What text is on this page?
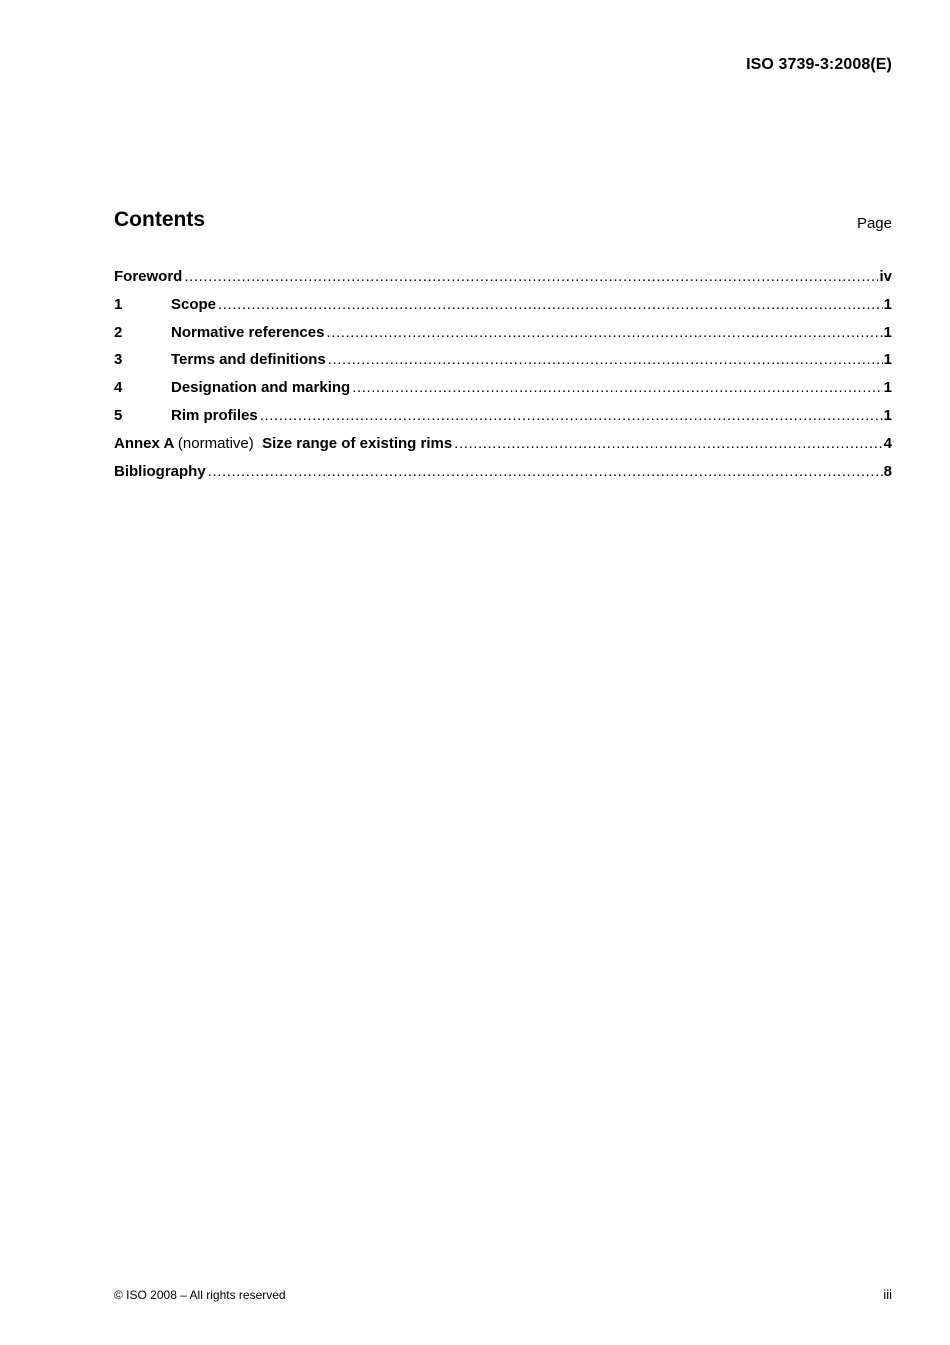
ISO 3739-3:2008(E)
Contents	Page
Foreword .....	iv
1	Scope .....	1
2	Normative references .....	1
3	Terms and definitions .....	1
4	Designation and marking .....	1
5	Rim profiles .....	1
Annex A (normative) Size range of existing rims .....	4
Bibliography .....	8
© ISO 2008 – All rights reserved	iii
